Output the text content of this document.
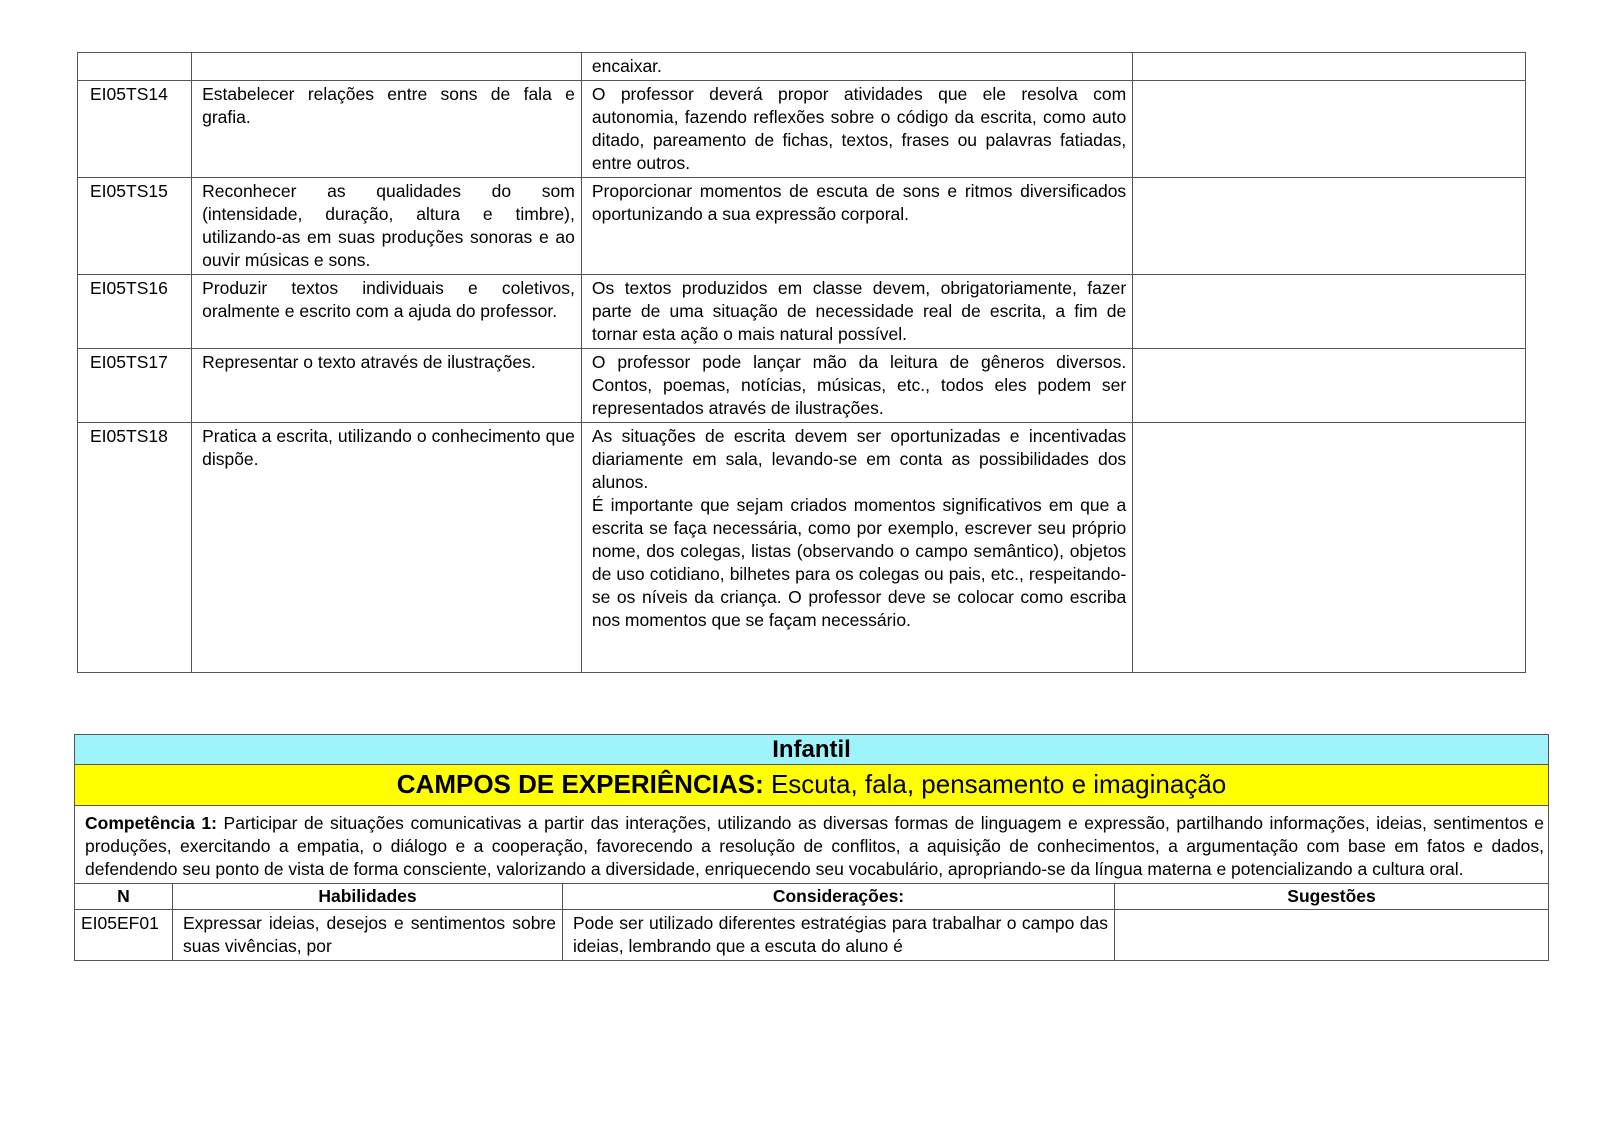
		encaixar.	

EI05TS14	Estabelecer relações entre sons de fala e grafia.	O professor deverá propor atividades que ele resolva com autonomia, fazendo reflexões sobre o código da escrita, como auto ditado, pareamento de fichas, textos, frases ou palavras fatiadas, entre outros.	

EI05TS15	Reconhecer as qualidades do som (intensidade, duração, altura e timbre), utilizando-as em suas produções sonoras e ao ouvir músicas e sons.	Proporcionar momentos de escuta de sons e ritmos diversificados oportunizando a sua expressão corporal.	

EI05TS16	Produzir textos individuais e coletivos, oralmente e escrito com a ajuda do professor.	Os textos produzidos em classe devem, obrigatoriamente, fazer parte de uma situação de necessidade real de escrita, a fim de tornar esta ação o mais natural possível.	

EI05TS17	Representar o texto através de ilustrações.	O professor pode lançar mão da leitura de gêneros diversos. Contos, poemas, notícias, músicas, etc., todos eles podem ser representados através de ilustrações.	

EI05TS18	Pratica a escrita, utilizando o conhecimento que dispõe.	As situações de escrita devem ser oportunizadas e incentivadas diariamente em sala, levando-se em conta as possibilidades dos alunos.

É importante que sejam criados momentos significativos em que a escrita se faça necessária, como por exemplo, escrever seu próprio nome, dos colegas, listas (observando o campo semântico), objetos de uso cotidiano, bilhetes para os colegas ou pais, etc., respeitando-se os níveis da criança. O professor deve se colocar como escriba nos momentos que se façam necessário.	

Infantil			
CAMPOS DE EXPERIÊNCIAS: Escuta, fala, pensamento e imaginação			
Competência 1: Participar de situações comunicativas a partir das interações, utilizando as diversas formas de linguagem e expressão, partilhando informações, ideias, sentimentos e produções, exercitando a empatia, o diálogo e a cooperação, favorecendo a resolução de conflitos, a aquisição de conhecimentos, a argumentação com base em fatos e dados, defendendo seu ponto de vista de forma consciente, valorizando a diversidade, enriquecendo seu vocabulário, apropriando-se da língua materna e potencializando a cultura oral.			
N	Habilidades	Considerações:	Sugestões
EI05EF01	Expressar ideias, desejos e sentimentos sobre suas vivências, por	Pode ser utilizado diferentes estratégias para trabalhar o campo das ideias, lembrando que a escuta do aluno é	
